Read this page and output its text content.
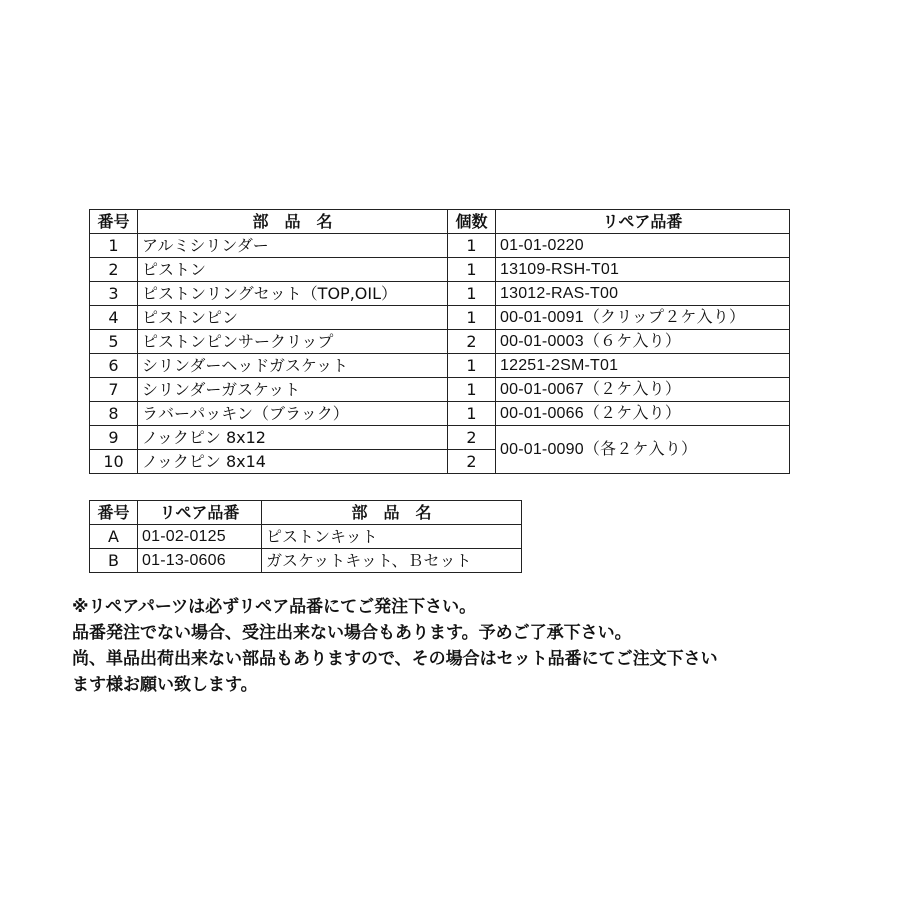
番号	部　品　名	個数	リペア品番
1	アルミシリンダー	1	01-01-0220
2	ピストン	1	13109-RSH-T01
3	ピストンリングセット（TOP,OIL）	1	13012-RAS-T00
4	ピストンピン	1	00-01-0091（クリップ２ケ入り）
5	ピストンピンサークリップ	2	00-01-0003（６ケ入り）
6	シリンダーヘッドガスケット	1	12251-2SM-T01
7	シリンダーガスケット	1	00-01-0067（２ケ入り）
8	ラバーパッキン（ブラック）	1	00-01-0066（２ケ入り）
9	ノックピン 8x12	2	00-01-0090（各２ケ入り）
10	ノックピン 8x14	2	
番号	リペア品番	部　品　名
A	01-02-0125	ピストンキット
B	01-13-0606	ガスケットキット、Ｂセット
※リペアパーツは必ずリペア品番にてご発注下さい。
品番発注でない場合、受注出来ない場合もあります。予めご了承下さい。
尚、単品出荷出来ない部品もありますので、その場合はセット品番にてご注文下さい
ます様お願い致します。
